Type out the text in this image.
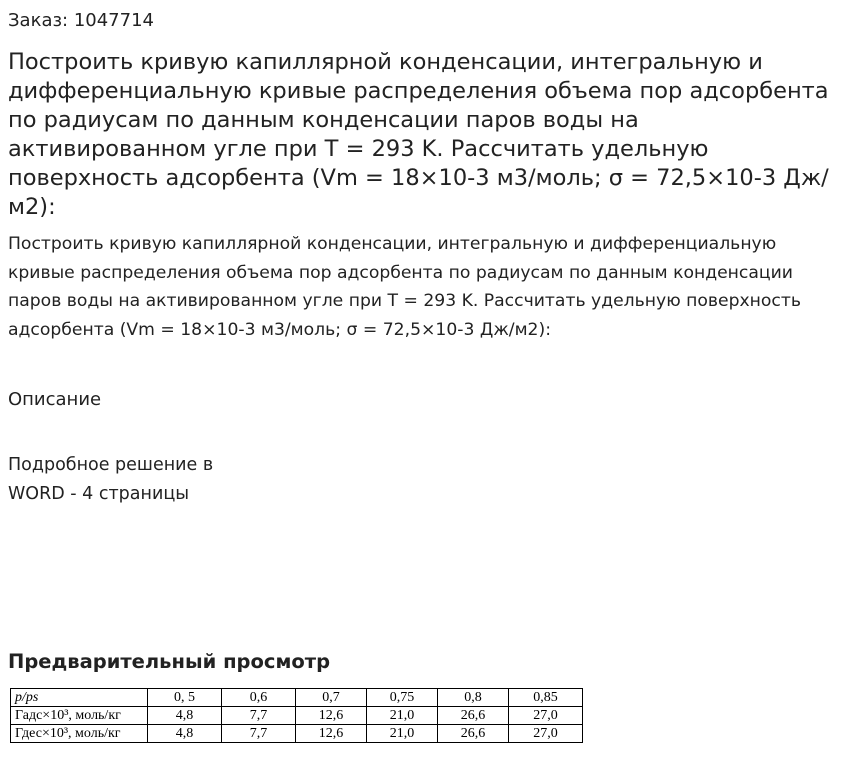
Заказ: 1047714
Построить кривую капиллярной конденсации, интегральную и дифференциальную кривые распределения объема пор адсорбента по радиусам по данным конденсации паров воды на активированном угле при T = 293 K. Рассчитать удельную поверхность адсорбента (Vm = 18×10-3 м3/моль; σ = 72,5×10-3 Дж/м2):

Построить кривую капиллярной конденсации, интегральную и дифференциальную кривые распределения объема пор адсорбента по радиусам по данным конденсации паров воды на активированном угле при T = 293 K. Рассчитать удельную поверхность адсорбента (Vm = 18×10-3 м3/моль; σ = 72,5×10-3 Дж/м2):

Описание

Подробное решение в WORD - 4 страницы

Предварительный просмотр
p/ps	0, 5	0,6	0,7	0,75	0,8	0,85
Гадс×10³, моль/кг	4,8	7,7	12,6	21,0	26,6	27,0
Гдес×10³, моль/кг	4,8	7,7	12,6	21,0	26,6	27,0
